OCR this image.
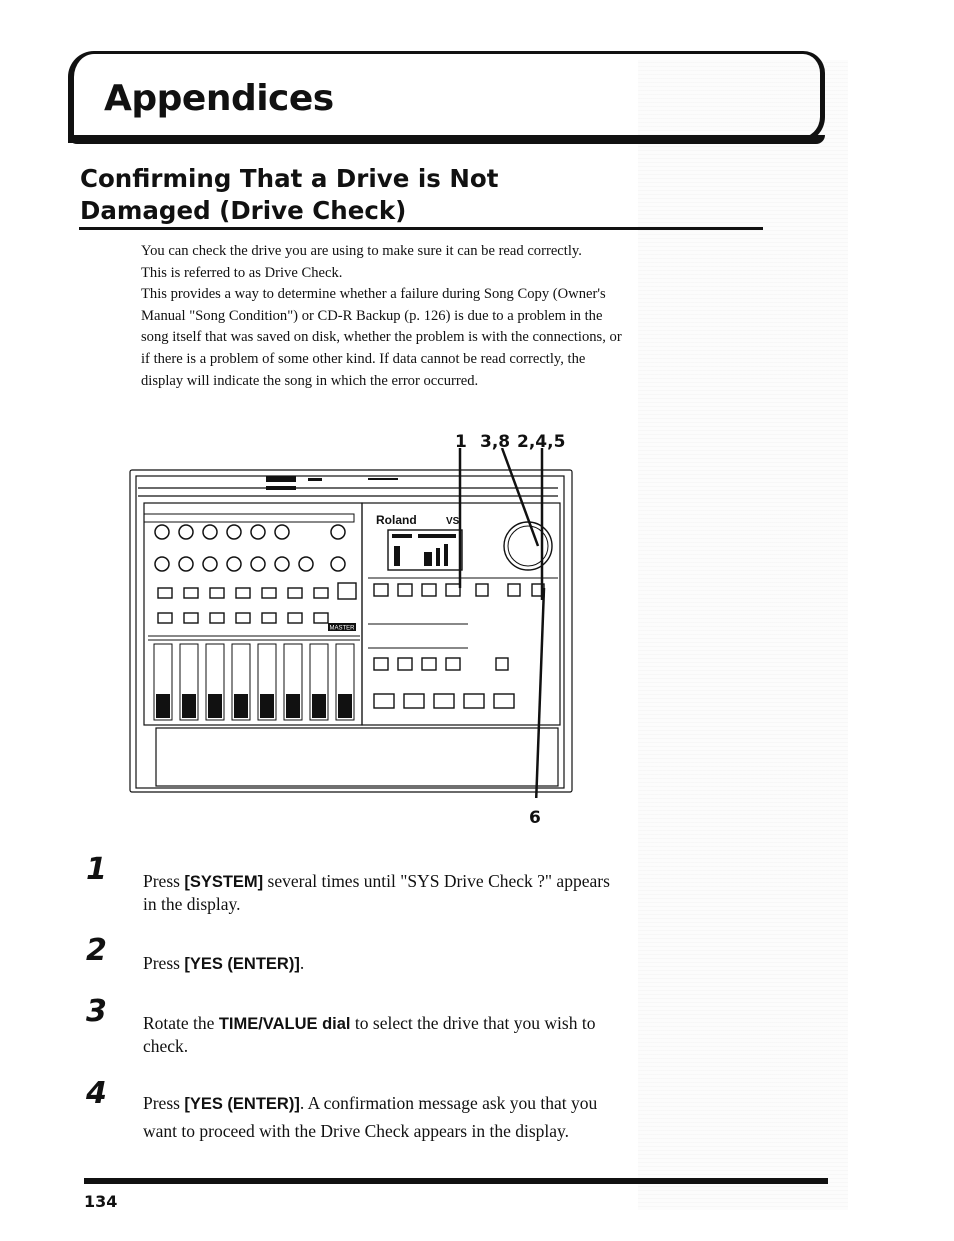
Appendices
Confirming That a Drive is Not
Damaged (Drive Check)

You can check the drive you are using to make sure it can be read correctly.

This is referred to as Drive Check.

This provides a way to determine whether a failure during Song Copy (Owner's Manual "Song Condition") or CD-R Backup (p. 126) is due to a problem in the song itself that was saved on disk, whether the problem is with the connections, or if there is a problem of some other kind. If data cannot be read correctly, the display will indicate the song in which the error occurred.

1 3,8 2,4,5
6
MASTER
Roland	VS
1 Press [SYSTEM] several times until "SYS Drive Check ?" appears in the display.
2 Press [YES (ENTER)].
3 Rotate the TIME/VALUE dial to select the drive that you wish to check.
4 Press [YES (ENTER)]. A confirmation message ask you that you want to proceed with the Drive Check appears in the display.
134
